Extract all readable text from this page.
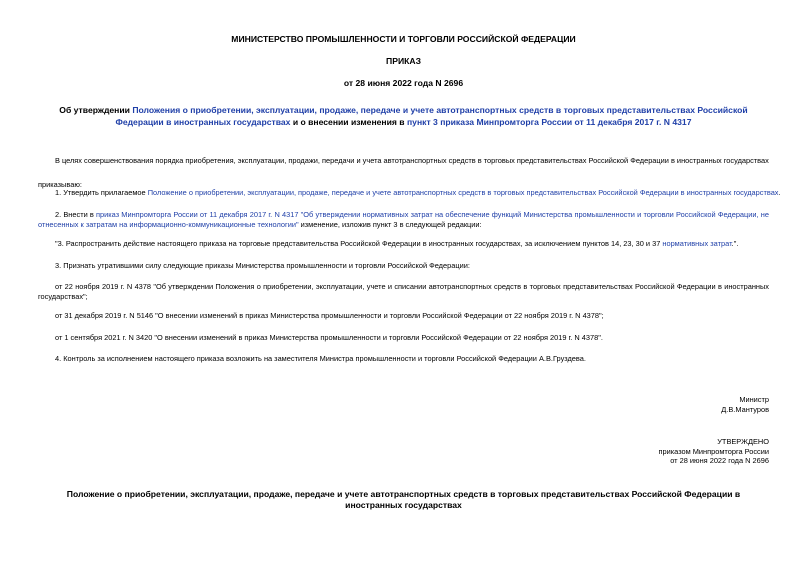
МИНИСТЕРСТВО ПРОМЫШЛЕННОСТИ И ТОРГОВЛИ РОССИЙСКОЙ ФЕДЕРАЦИИ
ПРИКАЗ
от 28 июня 2022 года N 2696
Об утверждении Положения о приобретении, эксплуатации, продаже, передаче и учете автотранспортных средств в торговых представительствах Российской
Федерации в иностранных государствах и о внесении изменения в пункт 3 приказа Минпромторга России от 11 декабря 2017 г. N 4317
В целях совершенствования порядка приобретения, эксплуатации, продажи, передачи и учета автотранспортных средств в торговых представительствах Российской Федерации в иностранных государствах
приказываю:
1. Утвердить прилагаемое Положение о приобретении, эксплуатации, продаже, передаче и учете автотранспортных средств в торговых представительствах Российской Федерации в иностранных государствах.
2. Внести в приказ Минпромторга России от 11 декабря 2017 г. N 4317 "Об утверждении нормативных затрат на обеспечение функций Министерства промышленности и торговли Российской Федерации, не
отнесенных к затратам на информационно-коммуникационные технологии" изменение, изложив пункт 3 в следующей редакции:
"3. Распространить действие настоящего приказа на торговые представительства Российской Федерации в иностранных государствах, за исключением пунктов 14, 23, 30 и 37 нормативных затрат.".
3. Признать утратившими силу следующие приказы Министерства промышленности и торговли Российской Федерации:
от 22 ноября 2019 г. N 4378 "Об утверждении Положения о приобретении, эксплуатации, учете и списании автотранспортных средств в торговых представительствах Российской Федерации в иностранных
государствах";
от 31 декабря 2019 г. N 5146 "О внесении изменений в приказ Министерства промышленности и торговли Российской Федерации от 22 ноября 2019 г. N 4378";
от 1 сентября 2021 г. N 3420 "О внесении изменений в приказ Министерства промышленности и торговли Российской Федерации от 22 ноября 2019 г. N 4378".
4. Контроль за исполнением настоящего приказа возложить на заместителя Министра промышленности и торговли Российской Федерации А.В.Груздева.
Министр
Д.В.Мантуров
УТВЕРЖДЕНО
приказом Минпромторга России
от 28 июня 2022 года N 2696
Положение о приобретении, эксплуатации, продаже, передаче и учете автотранспортных средств в торговых представительствах Российской Федерации в
иностранных государствах
